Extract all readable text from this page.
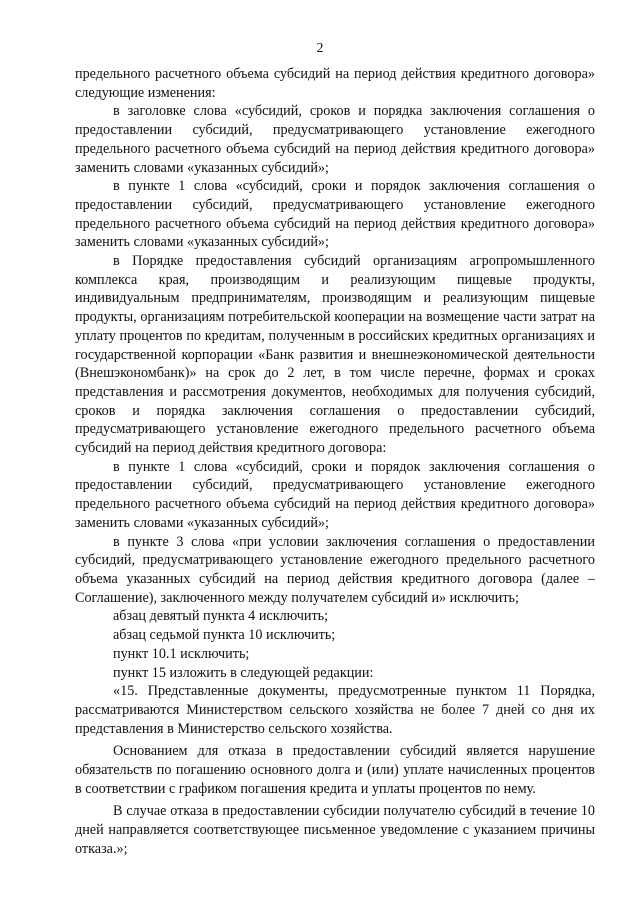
2

предельного расчетного объема субсидий на период действия кредитного договора» следующие изменения:

в заголовке слова «субсидий, сроков и порядка заключения соглашения о предоставлении субсидий, предусматривающего установление ежегодного предельного расчетного объема субсидий на период действия кредитного договора» заменить словами «указанных субсидий»;

в пункте 1 слова «субсидий, сроки и порядок заключения соглашения о предоставлении субсидий, предусматривающего установление ежегодного предельного расчетного объема субсидий на период действия кредитного договора» заменить словами «указанных субсидий»;

в Порядке предоставления субсидий организациям агропромышленного комплекса края, производящим и реализующим пищевые продукты, индивидуальным предпринимателям, производящим и реализующим пищевые продукты, организациям потребительской кооперации на возмещение части затрат на уплату процентов по кредитам, полученным в российских кредитных организациях и государственной корпорации «Банк развития и внешнеэкономической деятельности (Внешэкономбанк)» на срок до 2 лет, в том числе перечне, формах и сроках представления и рассмотрения документов, необходимых для получения субсидий, сроков и порядка заключения соглашения о предоставлении субсидий, предусматривающего установление ежегодного предельного расчетного объема субсидий на период действия кредитного договора:

в пункте 1 слова «субсидий, сроки и порядок заключения соглашения о предоставлении субсидий, предусматривающего установление ежегодного предельного расчетного объема субсидий на период действия кредитного договора» заменить словами «указанных субсидий»;

в пункте 3 слова «при условии заключения соглашения о предоставлении субсидий, предусматривающего установление ежегодного предельного расчетного объема указанных субсидий на период действия кредитного договора (далее – Соглашение), заключенного между получателем субсидий и» исключить;

абзац девятый пункта 4 исключить;

абзац седьмой пункта 10 исключить;

пункт 10.1 исключить;

пункт 15 изложить в следующей редакции:

«15. Представленные документы, предусмотренные пунктом 11 Порядка, рассматриваются Министерством сельского хозяйства не более 7 дней со дня их представления в Министерство сельского хозяйства.

Основанием для отказа в предоставлении субсидий является нарушение обязательств по погашению основного долга и (или) уплате начисленных процентов в соответствии с графиком погашения кредита и уплаты процентов по нему.

В случае отказа в предоставлении субсидии получателю субсидий в течение 10 дней направляется соответствующее письменное уведомление с указанием причины отказа.»;
